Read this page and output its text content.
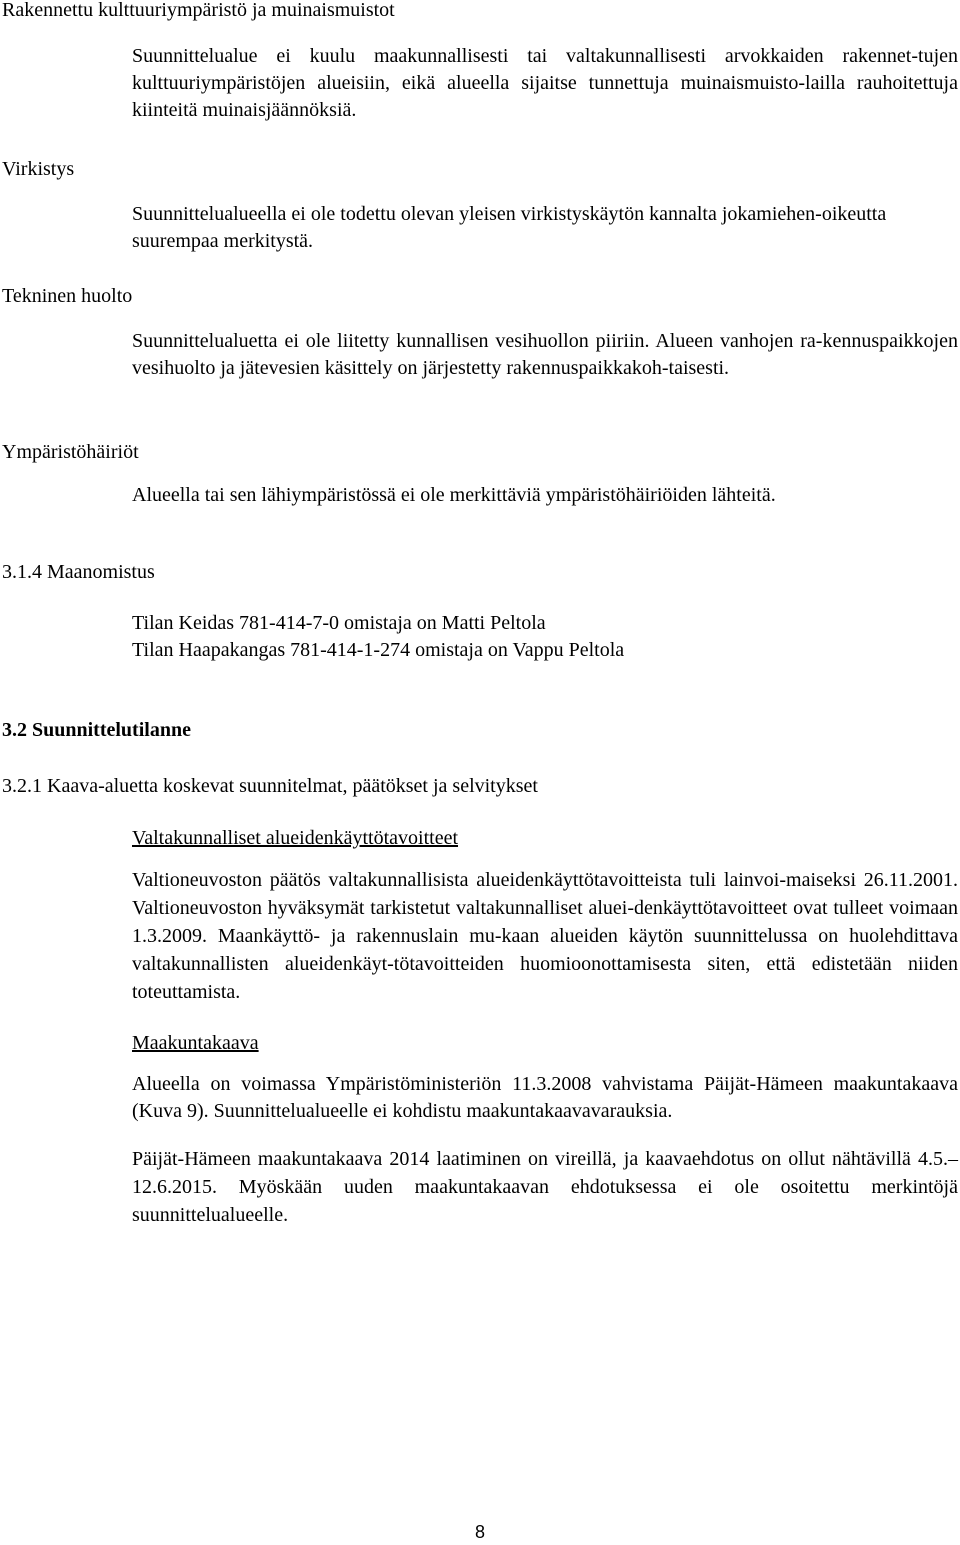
Rakennettu kulttuuriympäristö ja muinaismuistot
Suunnittelualue ei kuulu maakunnallisesti tai valtakunnallisesti arvokkaiden rakennet-tujen kulttuuriympäristöjen alueisiin, eikä alueella sijaitse tunnettuja muinaismuisto-lailla rauhoitettuja kiinteitä muinaisjäännöksiä.
Virkistys
Suunnittelualueella ei ole todettu olevan yleisen virkistyskäytön kannalta jokamiehen-oikeutta suurempaa merkitystä.
Tekninen huolto
Suunnittelualuetta ei ole liitetty kunnallisen vesihuollon piiriin. Alueen vanhojen ra-kennuspaikkojen vesihuolto ja jätevesien käsittely on järjestetty rakennuspaikkakoh-taisesti.
Ympäristöhäiriöt
Alueella tai sen lähiympäristössä ei ole merkittäviä ympäristöhäiriöiden lähteitä.
3.1.4 Maanomistus
Tilan Keidas 781-414-7-0 omistaja on Matti Peltola
Tilan Haapakangas 781-414-1-274 omistaja on Vappu Peltola
3.2 Suunnittelutilanne
3.2.1 Kaava-aluetta koskevat suunnitelmat, päätökset ja selvitykset
Valtakunnalliset alueidenkäyttötavoitteet
Valtioneuvoston päätös valtakunnallisista alueidenkäyttötavoitteista tuli lainvoi-maiseksi 26.11.2001. Valtioneuvoston hyväksymät tarkistetut valtakunnalliset aluei-denkäyttötavoitteet ovat tulleet voimaan 1.3.2009. Maankäyttö- ja rakennuslain mu-kaan alueiden käytön suunnittelussa on huolehdittava valtakunnallisten alueidenkäyt-tötavoitteiden huomioonottamisesta siten, että edistetään niiden toteuttamista.
Maakuntakaava
Alueella on voimassa Ympäristöministeriön 11.3.2008 vahvistama Päijät-Hämeen maakuntakaava (Kuva 9). Suunnittelualueelle ei kohdistu maakuntakaavavarauksia.
Päijät-Hämeen maakuntakaava 2014 laatiminen on vireillä, ja kaavaehdotus on ollut nähtävillä 4.5.–12.6.2015. Myöskään uuden maakuntakaavan ehdotuksessa ei ole osoitettu merkintöjä suunnittelualueelle.
8
